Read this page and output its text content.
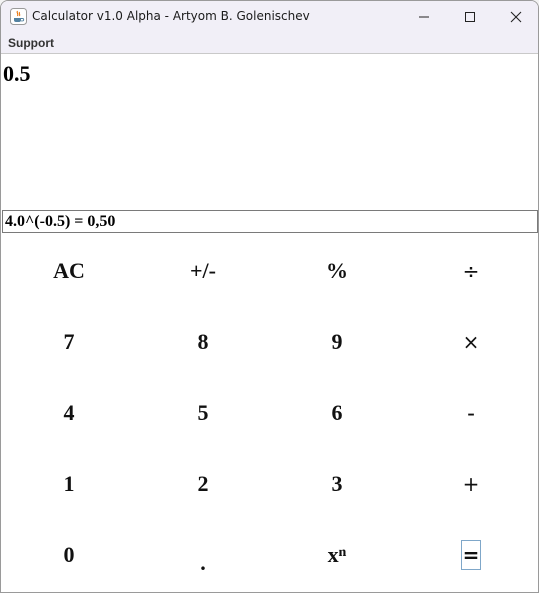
Calculator v1.0 Alpha - Artyom B. Golenischev
Support
0.5
4.0^(-0.5) = 0,50
AC	+/-	%	÷
7	8	9	×
4	5	6	-
1	2	3	+
0	.	xⁿ	=
